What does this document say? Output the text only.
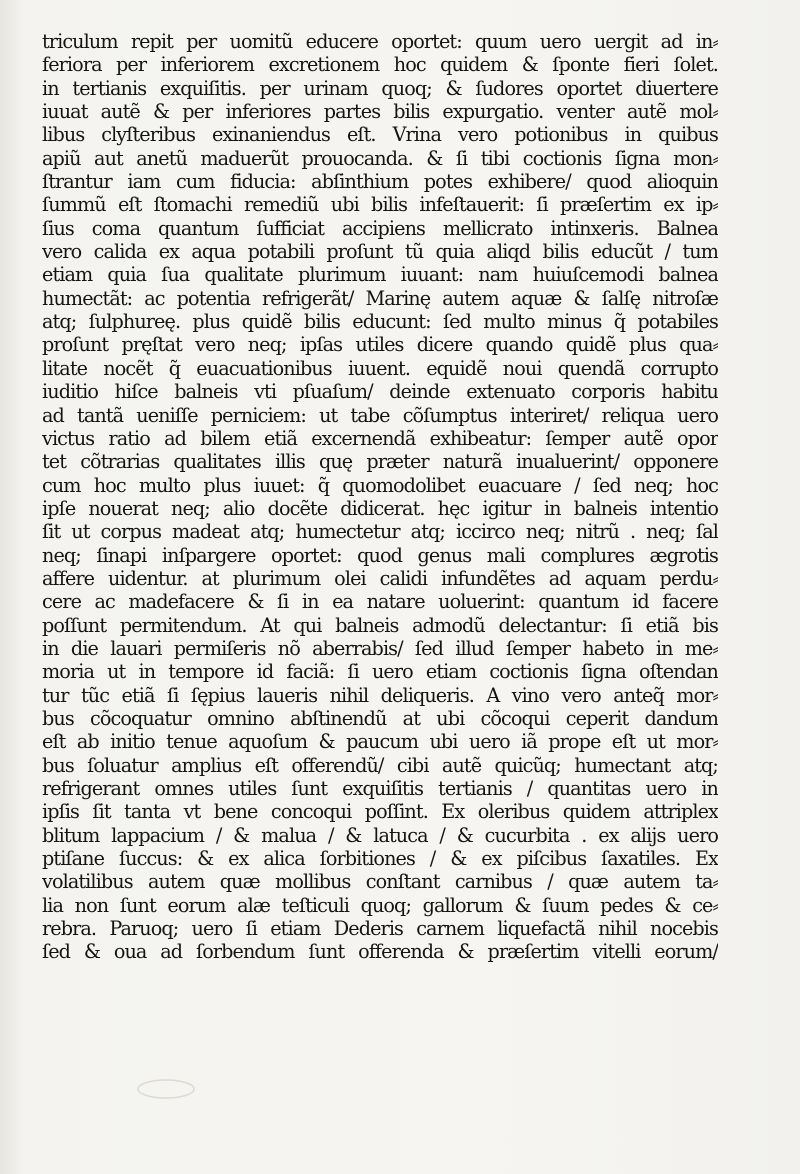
triculum repit per uomitũ educere oportet: quum uero uergit ad in⸗
feriora per inferiorem excretionem hoc quidem & ſponte fieri ſolet.
in tertianis exquiſitis. per urinam quoq; & ſudores oportet diuertere
iuuat autẽ & per inferiores partes bilis expurgatio. venter autẽ mol⸗
libus clyſteribus exinaniendus eſt. Vrina vero potionibus in quibus
apiũ aut anetũ maduerũt prouocanda. & ſi tibi coctionis ſigna mon⸗
ſtrantur iam cum fiducia: abſinthium potes exhibere/ quod alioquin
ſummũ eſt ſtomachi remediũ ubi bilis infeſtauerit: ſi præſertim ex ip⸗
ſius coma quantum ſufficiat accipiens mellicrato intinxeris. Balnea
vero calida ex aqua potabili proſunt tũ quia aliqd bilis educũt / tum
etiam quia ſua qualitate plurimum iuuant: nam huiuſcemodi balnea
humectãt: ac potentia refrigerãt/ Marinę autem aquæ & ſalſę nitroſæ
atq; ſulphureę. plus quidẽ bilis educunt: ſed multo minus q̃ potabiles
proſunt pręſtat vero neq; ipſas utiles dicere quando quidẽ plus qua⸗
litate nocẽt q̃ euacuationibus iuuent. equidẽ noui quendã corrupto
iuditio hiſce balneis vti pſuaſum/ deinde extenuato corporis habitu
ad tantã ueniſſe perniciem: ut tabe cõſumptus interiret/ reliqua uero
victus ratio ad bilem etiã excernendã exhibeatur: ſemper autẽ opor
tet cõtrarias qualitates illis quę præter naturã inualuerint/ opponere
cum hoc multo plus iuuet: q̃ quomodolibet euacuare / ſed neq; hoc
ipſe nouerat neq; alio docẽte didicerat. hęc igitur in balneis intentio
ſit ut corpus madeat atq; humectetur atq; iccirco neq; nitrũ . neq; ſal
neq; ſinapi inſpargere oportet: quod genus mali complures ægrotis
affere uidentur. at plurimum olei calidi infundẽtes ad aquam perdu⸗
cere ac madefacere & ſi in ea natare uoluerint: quantum id facere
poſſunt permitendum. At qui balneis admodũ delectantur: ſi etiã bis
in die lauari permiſeris nõ aberrabis/ ſed illud ſemper habeto in me⸗
moria ut in tempore id faciã: ſi uero etiam coctionis ſigna oſtendan
tur tũc etiã ſi ſępius laueris nihil deliqueris. A vino vero anteq̃ mor⸗
bus cõcoquatur omnino abſtinendũ at ubi cõcoqui ceperit dandum
eſt ab initio tenue aquoſum & paucum ubi uero iã prope eſt ut mor⸗
bus ſoluatur amplius eſt offerendũ/ cibi autẽ quicũq; humectant atq;
refrigerant omnes utiles ſunt exquiſitis tertianis / quantitas uero in
ipſis ſit tanta vt bene concoqui poſſint. Ex oleribus quidem attriplex
blitum lappacium / & malua / & latuca / & cucurbita . ex alijs uero
ptiſane ſuccus: & ex alica ſorbitiones / & ex piſcibus ſaxatiles. Ex
volatilibus autem quæ mollibus conſtant carnibus / quæ autem ta⸗
lia non ſunt eorum alæ teſticuli quoq; gallorum & ſuum pedes & ce⸗
rebra. Paruoq; uero ſi etiam Dederis carnem liquefactã nihil nocebis
ſed & oua ad ſorbendum ſunt offerenda & præſertim vitelli eorum/
